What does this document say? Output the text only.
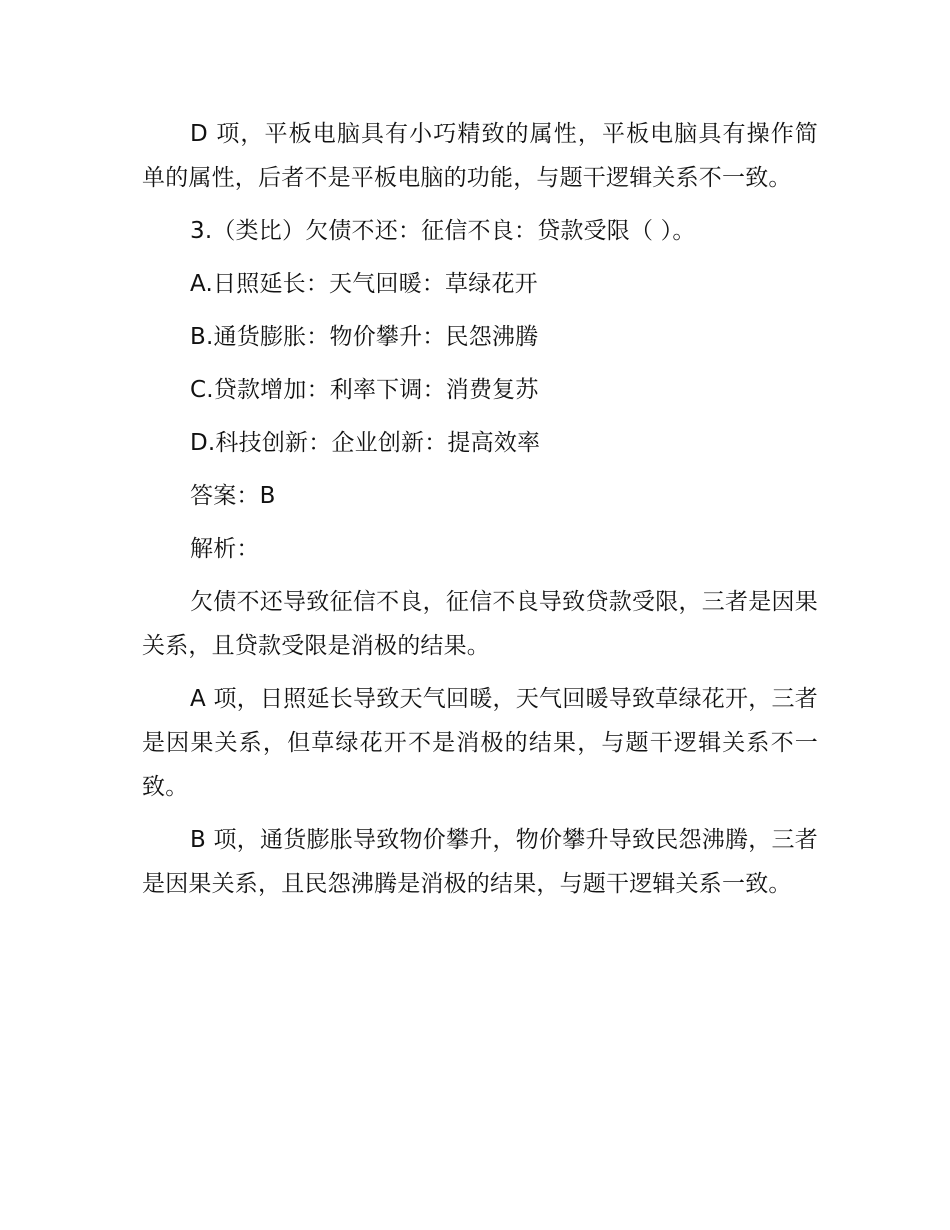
D 项，平板电脑具有小巧精致的属性，平板电脑具有操作简单的属性，后者不是平板电脑的功能，与题干逻辑关系不一致。

3.（类比）欠债不还：征信不良：贷款受限（ ）。

A.日照延长：天气回暖：草绿花开

B.通货膨胀：物价攀升：民怨沸腾

C.贷款增加：利率下调：消费复苏

D.科技创新：企业创新：提高效率

答案：B

解析：

欠债不还导致征信不良，征信不良导致贷款受限，三者是因果关系，且贷款受限是消极的结果。

A 项，日照延长导致天气回暖，天气回暖导致草绿花开，三者是因果关系，但草绿花开不是消极的结果，与题干逻辑关系不一致。

B 项，通货膨胀导致物价攀升，物价攀升导致民怨沸腾，三者是因果关系，且民怨沸腾是消极的结果，与题干逻辑关系一致。
